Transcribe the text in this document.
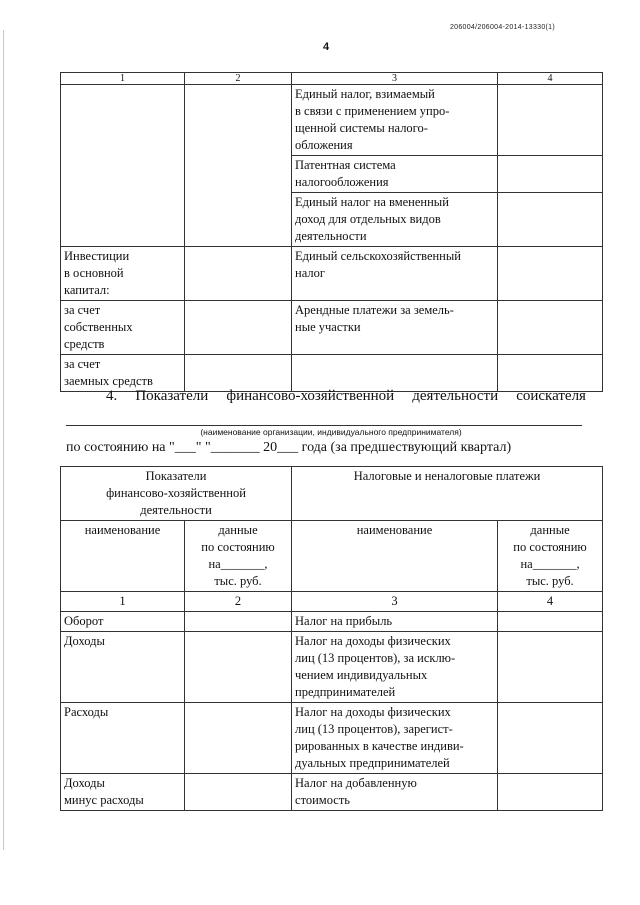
206004/206004-2014-13330(1)
4
1	2	3	4
		Единый налог, взимаемый
в связи с применением упро-
щенной системы налого-
обложения	
		Патентная система
налогообложения	
		Единый налог на вмененный
доход для отдельных видов
деятельности	
Инвестиции
в основной
капитал:		Единый сельскохозяйственный
налог	
за счет
собственных
средств		Арендные платежи за земель-
ные участки	
за счет
заемных средств			
4. Показатели финансово-хозяйственной деятельности соискателя
(наименование организации, индивидуального предпринимателя)
по состоянию на "___" "_______ 20___ года (за предшествующий квартал)
Показатели
финансово-хозяйственной
деятельности		Налоговые и неналоговые платежи	
наименование	данные
по состоянию
на_______,
тыс. руб.	наименование	данные
по состоянию
на_______,
тыс. руб.
1	2	3	4
Оборот		Налог на прибыль	
Доходы		Налог на доходы физических
лиц (13 процентов), за исклю-
чением индивидуальных
предпринимателей	
Расходы		Налог на доходы физических
лиц (13 процентов), зарегист-
рированных в качестве индиви-
дуальных предпринимателей	
Доходы
минус расходы		Налог на добавленную
стоимость	
